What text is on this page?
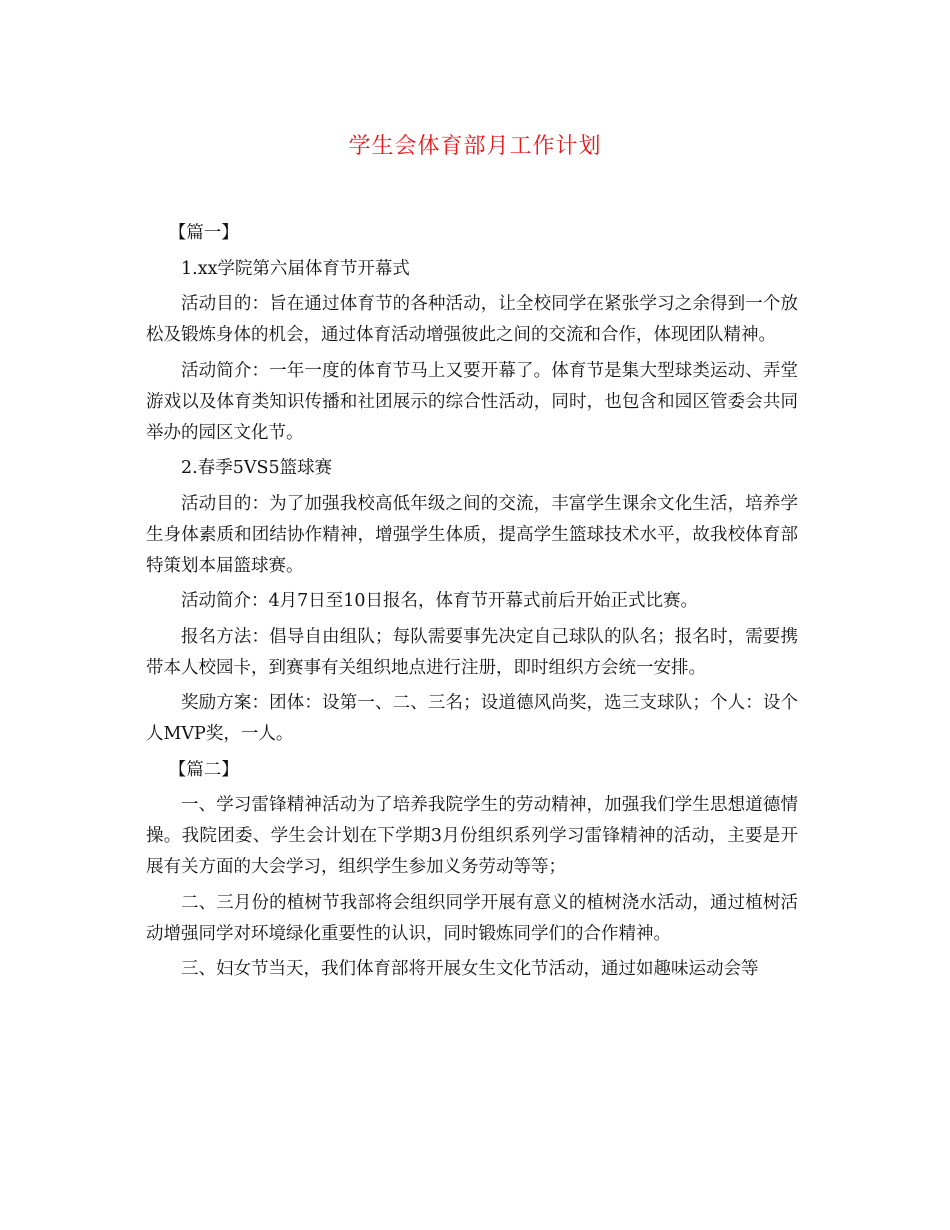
学生会体育部月工作计划

【篇一】

1.xx学院第六届体育节开幕式

活动目的：旨在通过体育节的各种活动，让全校同学在紧张学习之余得到一个放松及锻炼身体的机会，通过体育活动增强彼此之间的交流和合作，体现团队精神。

活动简介：一年一度的体育节马上又要开幕了。体育节是集大型球类运动、弄堂游戏以及体育类知识传播和社团展示的综合性活动，同时，也包含和园区管委会共同举办的园区文化节。

2.春季5VS5篮球赛

活动目的：为了加强我校高低年级之间的交流，丰富学生课余文化生活，培养学生身体素质和团结协作精神，增强学生体质，提高学生篮球技术水平，故我校体育部特策划本届篮球赛。

活动简介：4月7日至10日报名，体育节开幕式前后开始正式比赛。

报名方法：倡导自由组队；每队需要事先决定自己球队的队名；报名时，需要携带本人校园卡，到赛事有关组织地点进行注册，即时组织方会统一安排。

奖励方案：团体：设第一、二、三名；设道德风尚奖，选三支球队；个人：设个人MVP奖，一人。

【篇二】

一、学习雷锋精神活动为了培养我院学生的劳动精神，加强我们学生思想道德情操。我院团委、学生会计划在下学期3月份组织系列学习雷锋精神的活动，主要是开展有关方面的大会学习，组织学生参加义务劳动等等；

二、三月份的植树节我部将会组织同学开展有意义的植树浇水活动，通过植树活动增强同学对环境绿化重要性的认识，同时锻炼同学们的合作精神。

三、妇女节当天，我们体育部将开展女生文化节活动，通过如趣味运动会等
